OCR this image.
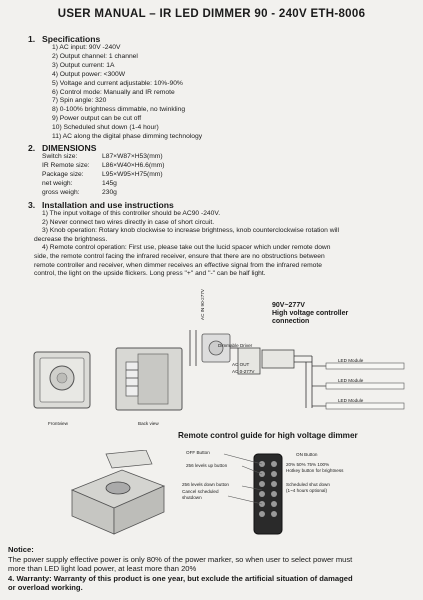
USER MANUAL – IR LED DIMMER 90 - 240V ETH-8006
1. Specifications
1) AC input: 90V -240V
2) Output channel: 1 channel
3) Output current: 1A
4) Output power: <300W
5) Voltage and current adjustable: 10%-90%
6) Control mode: Manually and IR remote
7) Spin angle: 320
8) 0-100% brightness dimmable, no twinkling
9) Power output can be cut off
10) Scheduled shut down (1-4 hour)
11) AC along the digital phase dimming technology
2. DIMENSIONS
Switch size:	L87×W87×H53(mm)
IR Remote size:	L86×W40×H6.6(mm)
Package size:	L95×W95×H75(mm)
net weigh:	145g
gross weigh:	230g
3. Installation and use instructions
1) The input voltage of this controller should be AC90 -240V.
2) Never connect two wires directly in case of short circuit.
3) Knob operation: Rotary knob clockwise to increase brightness, knob counterclockwise rotation will
decrease the brightness.
4) Remote control operation: First use, please take out the lucid spacer which under remote down
side, the remote control facing the infrared receiver, ensure that there are no obstructions between
remote controller and receiver, when dimmer receives an effective signal from the infrared remote
control, the light on the upside flickers. Long press "+" and "-" can be half light.
90V~277V
High voltage controller
connection
Dimmable Driver
AC OUT
AC 0-277V
LED Module
LED Module
LED Module
AC IN 90-277V
Frontview	Back view
Remote control guide for high voltage dimmer
OFF Button
256 levels up button
256 levels down button
Cancel scheduled
shutdown
ON Button
20% 50% 75% 100%
Hotkey button for brightness
Scheduled shut down
(1~4 hours optional)
Notice:
The power supply effective power is only 80% of the power marker, so when user to select power must
more than LED light load power, at least more than 20%
4. Warranty: Warranty of this product is one year, but exclude the artificial situation of damaged
or overload working.
